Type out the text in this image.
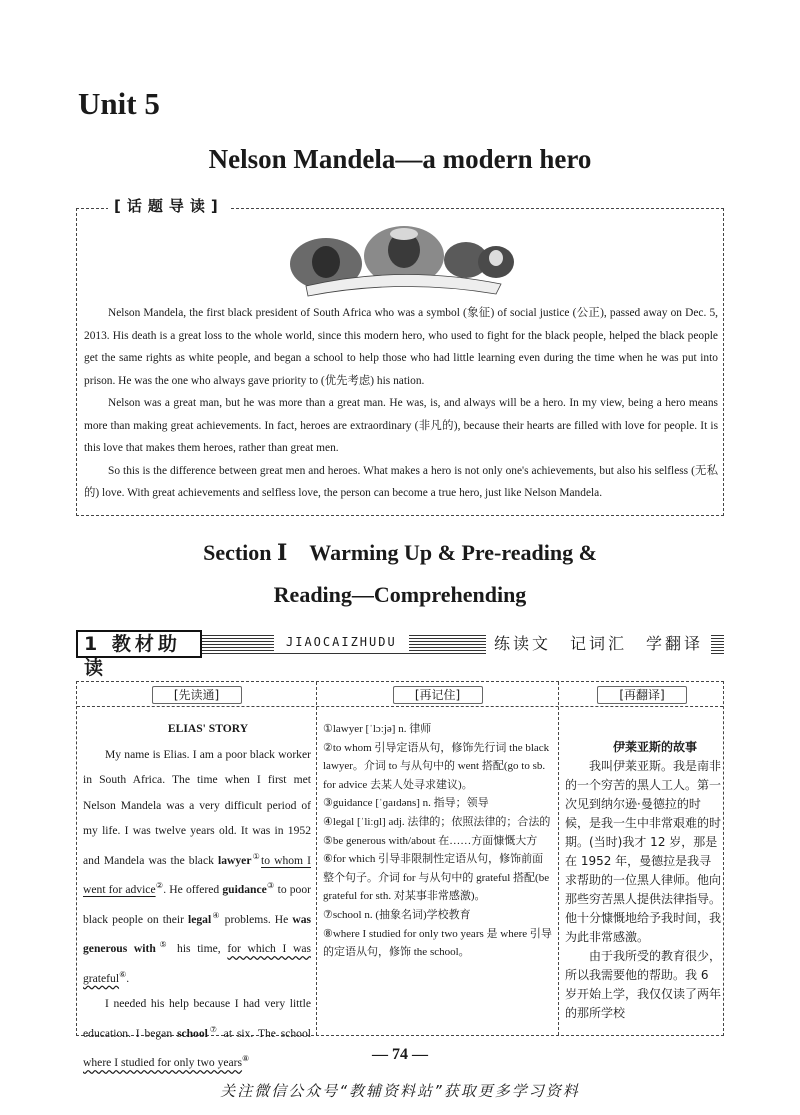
Unit 5
Nelson Mandela—a modern hero
[话题导读]

Nelson Mandela, the first black president of South Africa who was a symbol (象征) of social justice (公正), passed away on Dec. 5, 2013. His death is a great loss to the whole world, since this modern hero, who used to fight for the black people, helped the black people get the same rights as white people, and began a school to help those who had little learning even during the time when he was put into prison. He was the one who always gave priority to (优先考虑) his nation.

Nelson was a great man, but he was more than a great man. He was, is, and always will be a hero. In my view, being a hero means more than making great achievements. In fact, heroes are extraordinary (非凡的), because their hearts are filled with love for people. It is this love that makes them heroes, rather than great men.

So this is the difference between great men and heroes. What makes a hero is not only one's achievements, but also his selfless (无私的) love. With great achievements and selfless love, the person can become a true hero, just like Nelson Mandela.

Section Ⅰ　Warming Up & Pre-reading &
Reading—Comprehending
1 教材助读
JIAOCAIZHUDU	练读文　记词汇　学翻译
[先读通]

ELIAS' STORY

My name is Elias. I am a poor black worker in South Africa. The time when I first met Nelson Mandela was a very difficult period of my life. I was twelve years old. It was in 1952 and Mandela was the black lawyer①to whom I went for advice②. He offered guidance③ to poor black people on their legal④ problems. He was generous with⑤ his time, for which I was grateful⑥.

I needed his help because I had very little education. I began school⑦ at six. The school where I studied for only two years⑧

[再记住]

①lawyer [ˈlɔːjə] n. 律师

②to whom 引导定语从句，修饰先行词 the black lawyer。介词 to 与从句中的 went 搭配(go to sb. for advice 去某人处寻求建议)。

③guidance [ˈɡaɪdəns] n. 指导；领导

④legal [ˈliːɡl] adj. 法律的；依照法律的；合法的

⑤be generous with/about 在……方面慷慨大方

⑥for which 引导非限制性定语从句，修饰前面整个句子。介词 for 与从句中的 grateful 搭配(be grateful for sth. 对某事非常感激)。

⑦school n. (抽象名词)学校教育

⑧where I studied for only two years 是 where 引导的定语从句，修饰 the school。

[再翻译]

伊莱亚斯的故事

我叫伊莱亚斯。我是南非的一个穷苦的黑人工人。第一次见到纳尔逊·曼德拉的时候，是我一生中非常艰难的时期。(当时)我才 12 岁，那是在 1952 年，曼德拉是我寻求帮助的一位黑人律师。他向那些穷苦黑人提供法律指导。他十分慷慨地给予我时间，我为此非常感激。

由于我所受的教育很少，所以我需要他的帮助。我 6 岁开始上学，我仅仅读了两年的那所学校

— 74 —

关注微信公众号“教辅资料站”获取更多学习资料
